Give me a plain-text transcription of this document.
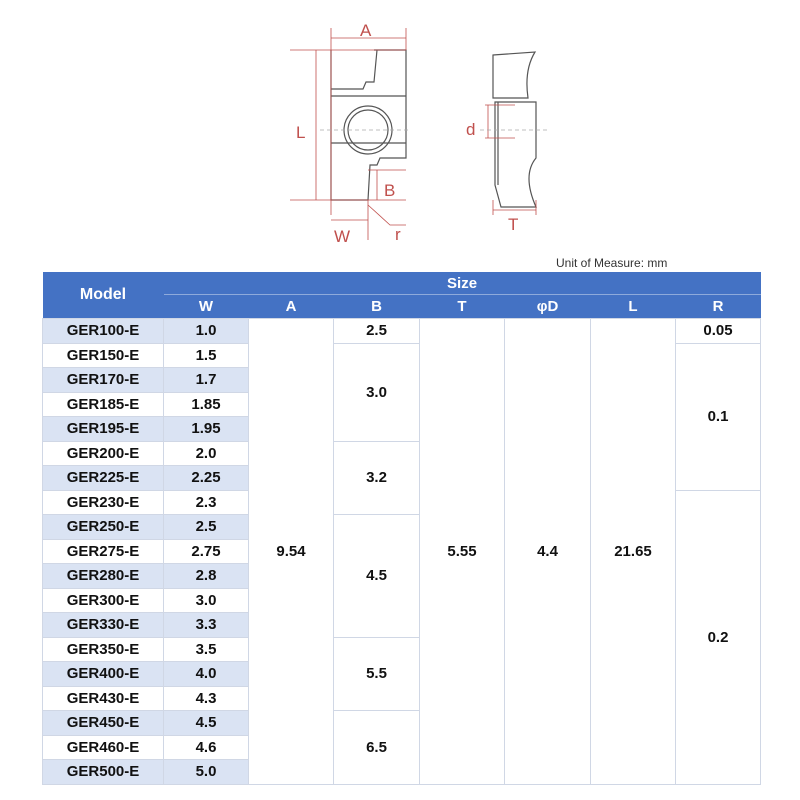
A
L
B
W	r
d
T
Unit of Measure: mm
Model	Size						
	W	A	B	T	φD	L	R
GER100-E	1.0	9.54	2.5	5.55	4.4	21.65	0.05
GER150-E	1.5		3.0				0.1
GER170-E	1.7						
GER185-E	1.85						
GER195-E	1.95						
GER200-E	2.0		3.2				
GER225-E	2.25						
GER230-E	2.3						0.2
GER250-E	2.5		4.5				
GER275-E	2.75						
GER280-E	2.8						
GER300-E	3.0						
GER330-E	3.3						
GER350-E	3.5		5.5				
GER400-E	4.0						
GER430-E	4.3						
GER450-E	4.5		6.5				
GER460-E	4.6						
GER500-E	5.0						
